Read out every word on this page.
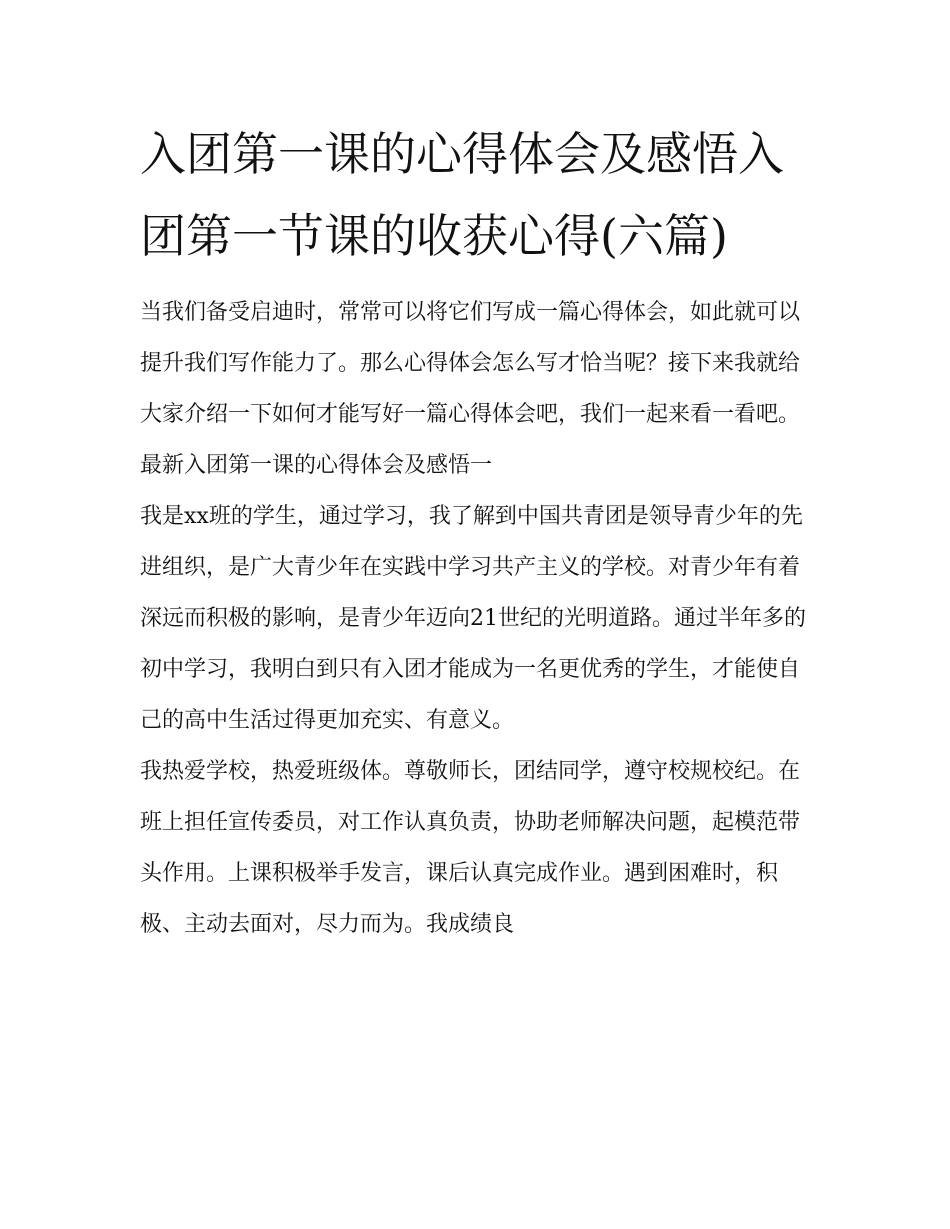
入团第一课的心得体会及感悟入团第一节课的收获心得(六篇)

当我们备受启迪时，常常可以将它们写成一篇心得体会，如此就可以提升我们写作能力了。那么心得体会怎么写才恰当呢？接下来我就给大家介绍一下如何才能写好一篇心得体会吧，我们一起来看一看吧。

最新入团第一课的心得体会及感悟一

我是xx班的学生，通过学习，我了解到中国共青团是领导青少年的先进组织，是广大青少年在实践中学习共产主义的学校。对青少年有着深远而积极的影响，是青少年迈向21世纪的光明道路。通过半年多的初中学习，我明白到只有入团才能成为一名更优秀的学生，才能使自己的高中生活过得更加充实、有意义。

我热爱学校，热爱班级体。尊敬师长，团结同学，遵守校规校纪。在班上担任宣传委员，对工作认真负责，协助老师解决问题，起模范带头作用。上课积极举手发言，课后认真完成作业。遇到困难时，积极、主动去面对，尽力而为。我成绩良
